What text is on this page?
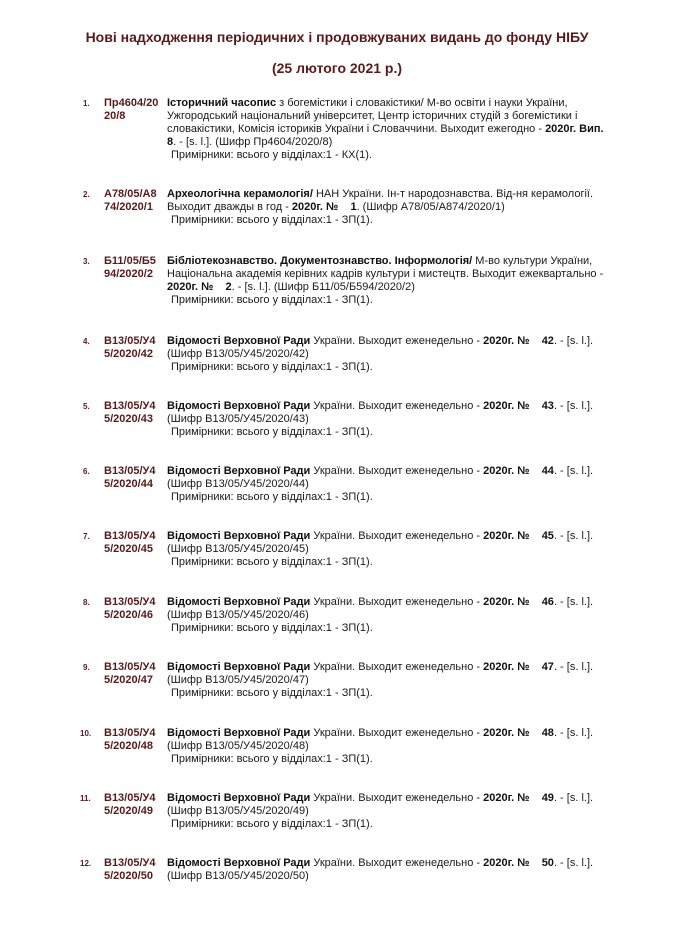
Нові надходження періодичних і продовжуваних видань до фонду НІБУ
(25 лютого 2021 р.)
1.	Пр4604/2020/8
Історичний часопис з богемістики і словакістики/ М-во освіти і науки України, Ужгородський національний університет, Центр історичних студій з богемістики і словакістики, Комісія істориків України і Словаччини. Выходит ежегодно - 2020г. Вип. 8. - [s. l.]. (Шифр Пр4604/2020/8)
Примірники: всього у відділах:1 - КХ(1).
2.	А78/05/А874/2020/1
Археологічна керамологія/ НАН України. Ін-т народознавства. Від-ня керамології. Выходит дважды в год - 2020г. №    1. (Шифр А78/05/А874/2020/1)
Примірники: всього у відділах:1 - ЗП(1).
3.	Б11/05/Б594/2020/2
Бібліотекознавство. Документознавство. Інформологія/ М-во культури України, Національна академія керівних кадрів культури і мистецтв. Выходит ежеквартально - 2020г. №    2. - [s. l.]. (Шифр Б11/05/Б594/2020/2)
Примірники: всього у відділах:1 - ЗП(1).
4.	В13/05/У45/2020/42
Відомості Верховної Ради України. Выходит еженедельно - 2020г. №    42. - [s. l.]. (Шифр В13/05/У45/2020/42)
Примірники: всього у відділах:1 - ЗП(1).
5.	В13/05/У45/2020/43
Відомості Верховної Ради України. Выходит еженедельно - 2020г. №    43. - [s. l.]. (Шифр В13/05/У45/2020/43)
Примірники: всього у відділах:1 - ЗП(1).
6.	В13/05/У45/2020/44
Відомості Верховної Ради України. Выходит еженедельно - 2020г. №    44. - [s. l.]. (Шифр В13/05/У45/2020/44)
Примірники: всього у відділах:1 - ЗП(1).
7.	В13/05/У45/2020/45
Відомості Верховної Ради України. Выходит еженедельно - 2020г. №    45. - [s. l.]. (Шифр В13/05/У45/2020/45)
Примірники: всього у відділах:1 - ЗП(1).
8.	В13/05/У45/2020/46
Відомості Верховної Ради України. Выходит еженедельно - 2020г. №    46. - [s. l.]. (Шифр В13/05/У45/2020/46)
Примірники: всього у відділах:1 - ЗП(1).
9.	В13/05/У45/2020/47
Відомості Верховної Ради України. Выходит еженедельно - 2020г. №    47. - [s. l.]. (Шифр В13/05/У45/2020/47)
Примірники: всього у відділах:1 - ЗП(1).
10.	В13/05/У45/2020/48
Відомості Верховної Ради України. Выходит еженедельно - 2020г. №    48. - [s. l.]. (Шифр В13/05/У45/2020/48)
Примірники: всього у відділах:1 - ЗП(1).
11.	В13/05/У45/2020/49
Відомості Верховної Ради України. Выходит еженедельно - 2020г. №    49. - [s. l.]. (Шифр В13/05/У45/2020/49)
Примірники: всього у відділах:1 - ЗП(1).
12.	В13/05/У45/2020/50
Відомості Верховної Ради України. Выходит еженедельно - 2020г. №    50. - [s. l.]. (Шифр В13/05/У45/2020/50)
